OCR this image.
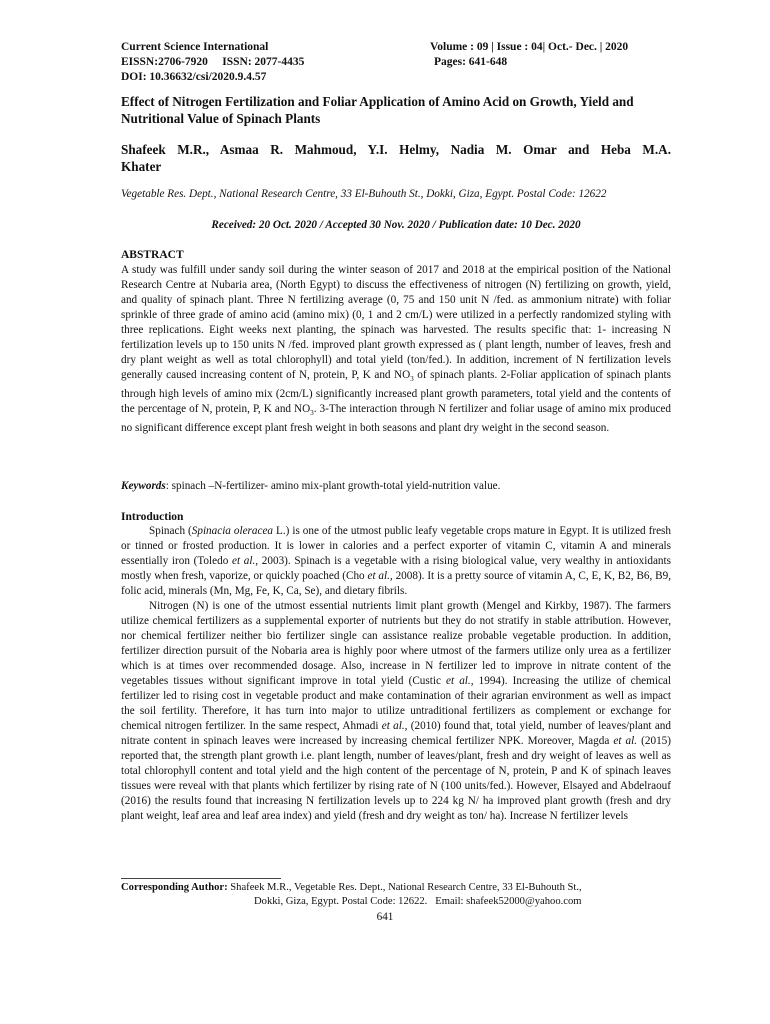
Current Science International
EISSN:2706-7920     ISSN: 2077-4435
DOI: 10.36632/csi/2020.9.4.57
Volume : 09 | Issue : 04| Oct.- Dec. | 2020
Pages: 641-648
Effect of Nitrogen Fertilization and Foliar Application of Amino Acid on Growth, Yield and Nutritional Value of Spinach Plants
Shafeek M.R., Asmaa R. Mahmoud, Y.I. Helmy, Nadia M. Omar and Heba M.A.
Khater
Vegetable Res. Dept., National Research Centre, 33 El-Buhouth St., Dokki, Giza, Egypt. Postal Code: 12622
Received: 20 Oct. 2020 / Accepted 30 Nov. 2020 / Publication date: 10 Dec. 2020
ABSTRACT
A study was fulfill under sandy soil during the winter season of 2017 and 2018 at the empirical position of the National Research Centre at Nubaria area, (North Egypt) to discuss the effectiveness of nitrogen (N) fertilizing on growth, yield, and quality of spinach plant. Three N fertilizing average (0, 75 and 150 unit N /fed. as ammonium nitrate) with foliar sprinkle of three grade of amino acid (amino mix) (0, 1 and 2 cm/L) were utilized in a perfectly randomized styling with three replications. Eight weeks next planting, the spinach was harvested. The results specific that: 1- increasing N fertilization levels up to 150 units N /fed. improved plant growth expressed as ( plant length, number of leaves, fresh and dry plant weight as well as total chlorophyll) and total yield (ton/fed.). In addition, increment of N fertilization levels generally caused increasing content of N, protein, P, K and $NO_3$ of spinach plants. 2-Foliar application of spinach plants through high levels of amino mix (2cm/L) significantly increased plant growth parameters, total yield and the contents of the percentage of N, protein, P, K and $NO_3$. 3-The interaction through N fertilizer and foliar usage of amino mix produced no significant difference except plant fresh weight in both seasons and plant dry weight in the second season.
Keywords: spinach –N-fertilizer- amino mix-plant growth-total yield-nutrition value.
Introduction

Spinach (Spinacia oleracea L.) is one of the utmost public leafy vegetable crops mature in Egypt. It is utilized fresh or tinned or frosted production. It is lower in calories and a perfect exporter of vitamin C, vitamin A and minerals essentially iron (Toledo et al., 2003). Spinach is a vegetable with a rising biological value, very wealthy in antioxidants mostly when fresh, vaporize, or quickly poached (Cho et al., 2008). It is a pretty source of vitamin A, C, E, K, B2, B6, B9, folic acid, minerals (Mn, Mg, Fe, K, Ca, Se), and dietary fibrils.

Nitrogen (N) is one of the utmost essential nutrients limit plant growth (Mengel and Kirkby, 1987). The farmers utilize chemical fertilizers as a supplemental exporter of nutrients but they do not stratify in stable attribution. However, nor chemical fertilizer neither bio fertilizer single can assistance realize probable vegetable production. In addition, fertilizer direction pursuit of the Nobaria area is highly poor where utmost of the farmers utilize only urea as a fertilizer which is at times over recommended dosage. Also, increase in N fertilizer led to improve in nitrate content of the vegetables tissues without significant improve in total yield (Custic et al., 1994). Increasing the utilize of chemical fertilizer led to rising cost in vegetable product and make contamination of their agrarian environment as well as impact the soil fertility. Therefore, it has turn into major to utilize untraditional fertilizers as complement or exchange for chemical nitrogen fertilizer. In the same respect, Ahmadi et al., (2010) found that, total yield, number of leaves/plant and nitrate content in spinach leaves were increased by increasing chemical fertilizer NPK. Moreover, Magda et al. (2015) reported that, the strength plant growth i.e. plant length, number of leaves/plant, fresh and dry weight of leaves as well as total chlorophyll content and total yield and the high content of the percentage of N, protein, P and K of spinach leaves tissues were reveal with that plants which fertilizer by rising rate of N (100 units/fed.). However, Elsayed and Abdelraouf (2016) the results found that increasing N fertilization levels up to 224 kg N/ ha improved plant growth (fresh and dry plant weight, leaf area and leaf area index) and yield (fresh and dry weight as ton/ ha). Increase N fertilizer levels

Corresponding Author: Shafeek M.R., Vegetable Res. Dept., National Research Centre, 33 El-Buhouth St.,
Dokki, Giza, Egypt. Postal Code: 12622.   Email: shafeek52000@yahoo.com
641
